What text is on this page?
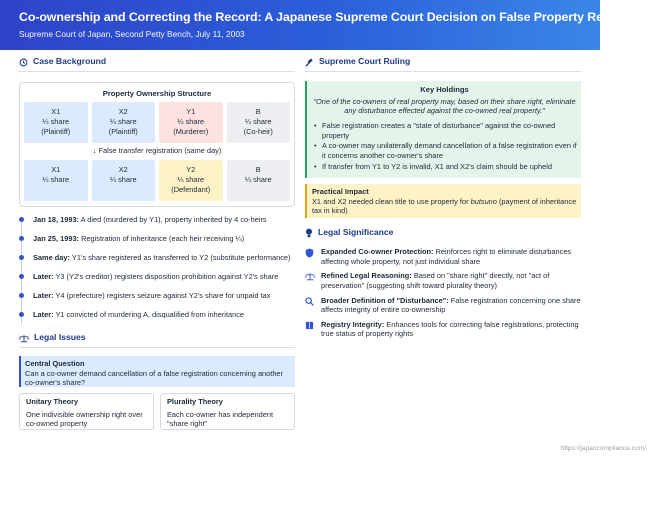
Co-ownership and Correcting the Record: A Japanese Supreme Court Decision on False Property Registrations
Supreme Court of Japan, Second Petty Bench, July 11, 2003
Case Background
Property Ownership Structure
X1
¼ share
(Plaintiff)
X2
¼ share
(Plaintiff)
Y1
¼ share
(Murderer)
B
¼ share
(Co-heir)
↓ False transfer registration (same day)
X1
¼ share
X2
¼ share
Y2
¼ share
(Defendant)
B
¼ share
Jan 18, 1993: A died (murdered by Y1), property inherited by 4 co-heirs
Jan 25, 1993: Registration of inheritance (each heir receiving ¼)
Same day: Y1's share registered as transferred to Y2 (substitute performance)
Later: Y3 (Y2's creditor) registers disposition prohibition against Y2's share
Later: Y4 (prefecture) registers seizure against Y2's share for unpaid tax
Later: Y1 convicted of murdering A, disqualified from inheritance
Legal Issues
Central Question
Can a co-owner demand cancellation of a false registration concerning another co-owner's share?
Unitary Theory
One indivisible ownership right over co-owned property
Plurality Theory
Each co-owner has independent "share right"
Supreme Court Ruling
Key Holdings
"One of the co-owners of real property may, based on their share right, eliminate any disturbance effected against the co-owned real property."
• False registration creates a "state of disturbance" against the co-owned property
• A co-owner may unilaterally demand cancellation of a false registration even if it concerns another co-owner's share
• If transfer from Y1 to Y2 is invalid, X1 and X2's claim should be upheld
Practical Impact
X1 and X2 needed clean title to use property for butsuno (payment of inheritance tax in kind)
Legal Significance
Expanded Co-owner Protection: Reinforces right to eliminate disturbances affecting whole property, not just individual share
Refined Legal Reasoning: Based on "share right" directly, not "act of preservation" (suggesting shift toward plurality theory)
Broader Definition of "Disturbance": False registration concerning one share affects integrity of entire co-ownership
Registry Integrity: Enhances tools for correcting false registrations, protecting true status of property rights
https://japancompliance.com/
